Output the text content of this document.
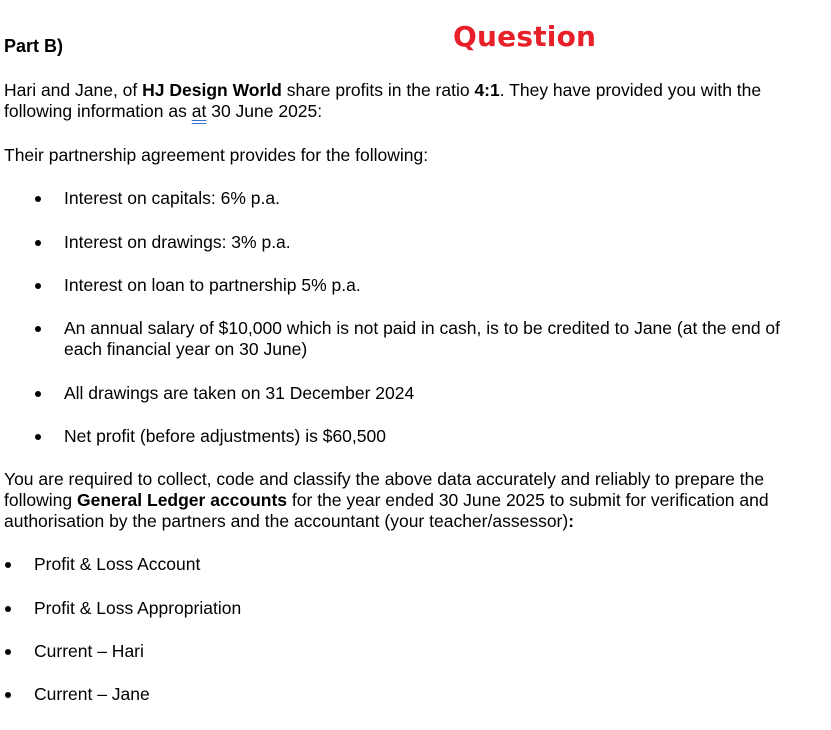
Part B)	Question
Hari and Jane, of HJ Design World share profits in the ratio 4:1. They have provided you with the following information as at 30 June 2025:
Their partnership agreement provides for the following:
Interest on capitals: 6% p.a.
Interest on drawings: 3% p.a.
Interest on loan to partnership 5% p.a.
An annual salary of $10,000 which is not paid in cash, is to be credited to Jane (at the end of each financial year on 30 June)
All drawings are taken on 31 December 2024
Net profit (before adjustments) is $60,500
You are required to collect, code and classify the above data accurately and reliably to prepare the following General Ledger accounts for the year ended 30 June 2025 to submit for verification and authorisation by the partners and the accountant (your teacher/assessor):
Profit & Loss Account
Profit & Loss Appropriation
Current – Hari
Current – Jane
